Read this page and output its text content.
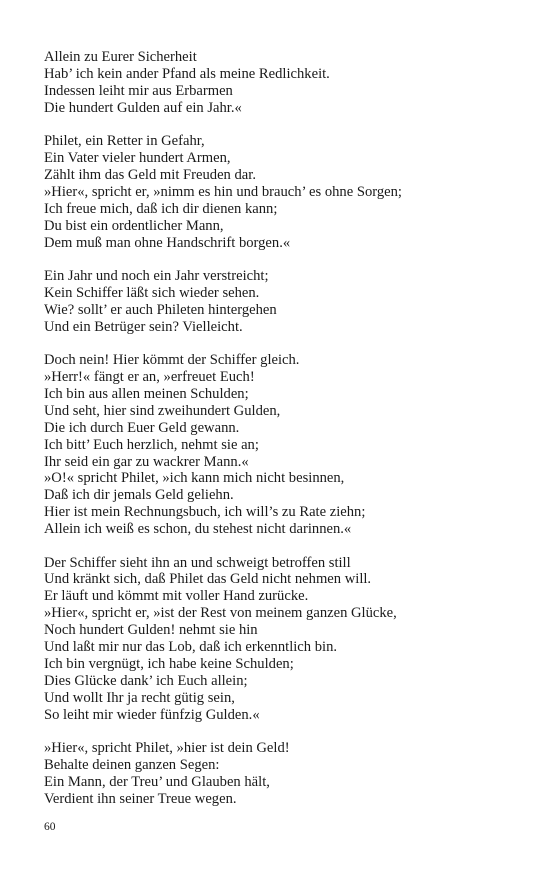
Allein zu Eurer Sicherheit
Hab’ ich kein ander Pfand als meine Redlichkeit.
Indessen leiht mir aus Erbarmen
Die hundert Gulden auf ein Jahr.«
Philet, ein Retter in Gefahr,
Ein Vater vieler hundert Armen,
Zählt ihm das Geld mit Freuden dar.
»Hier«, spricht er, »nimm es hin und brauch’ es ohne Sorgen;
Ich freue mich, daß ich dir dienen kann;
Du bist ein ordentlicher Mann,
Dem muß man ohne Handschrift borgen.«
Ein Jahr und noch ein Jahr verstreicht;
Kein Schiffer läßt sich wieder sehen.
Wie? sollt’ er auch Phileten hintergehen
Und ein Betrüger sein? Vielleicht.
Doch nein! Hier kömmt der Schiffer gleich.
»Herr!« fängt er an, »erfreuet Euch!
Ich bin aus allen meinen Schulden;
Und seht, hier sind zweihundert Gulden,
Die ich durch Euer Geld gewann.
Ich bitt’ Euch herzlich, nehmt sie an;
Ihr seid ein gar zu wackrer Mann.«
»O!« spricht Philet, »ich kann mich nicht besinnen,
Daß ich dir jemals Geld geliehn.
Hier ist mein Rechnungsbuch, ich will’s zu Rate ziehn;
Allein ich weiß es schon, du stehest nicht darinnen.«
Der Schiffer sieht ihn an und schweigt betroffen still
Und kränkt sich, daß Philet das Geld nicht nehmen will.
Er läuft und kömmt mit voller Hand zurücke.
»Hier«, spricht er, »ist der Rest von meinem ganzen Glücke,
Noch hundert Gulden! nehmt sie hin
Und laßt mir nur das Lob, daß ich erkenntlich bin.
Ich bin vergnügt, ich habe keine Schulden;
Dies Glücke dank’ ich Euch allein;
Und wollt Ihr ja recht gütig sein,
So leiht mir wieder fünfzig Gulden.«
»Hier«, spricht Philet, »hier ist dein Geld!
Behalte deinen ganzen Segen:
Ein Mann, der Treu’ und Glauben hält,
Verdient ihn seiner Treue wegen.
60
